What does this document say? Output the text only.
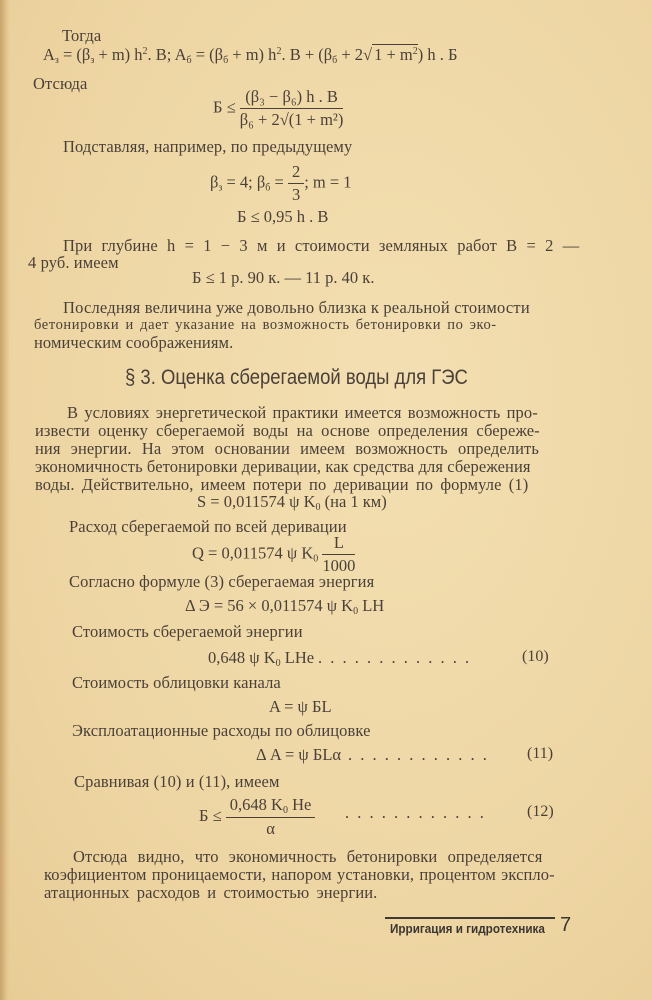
Тогда
$A_з = (\beta_з + m)$ $h^2$. B; $A_б = (\beta_б + m)$ $h^2$. $B + (\beta_б + 2√$ $1 + m^2$) h . Б
Отсюда
$Б \le \frac{\text{(β₃ − β₆) h . B}}{\text{β₆ + 2√(1 + m²)}}$
Подставляя, например, по предыдущему
$\beta_з = 4$; $\beta_б = \frac{2}{3}$ ; m = 1
Б ≤ 0,95 h . B
При глубине h = 1 − 3 м и стоимости земляных работ B = 2 —
4 руб. имеем
Б ≤ 1 р. 90 к. — 11 р. 40 к.
Последняя величина уже довольно близка к реальной стоимости
бетонировки и дает указание на возможность бетонировки по эко-
номическим соображениям.
§ 3. Оценка сберегаемой воды для ГЭС
В условиях энергетической практики имеется возможность про-
извести оценку сберегаемой воды на основе определения сбереже-
ния энергии. На этом основании имеем возможность определить
экономичность бетонировки деривации, как средства для сбережения
воды. Действительно, имеем потери по деривации по формуле (1)
S = 0,011574 ψ $K_0$ (на 1 км)
Расход сберегаемой по всей деривации
Q = 0,011574 ψ $K_0 \frac{L}{1000}$
Согласно формуле (3) сберегаемая энергия
Δ Э = 56 × 0,011574 ψ $K_0$ LH
Стоимость сберегаемой энергии
0,648 ψ $K_0$ LHe . . . . . . . . . . . . .	(10)
Стоимость облицовки канала
A = ψ БL
Эксплоатационные расходы по облицовке
Δ A = ψ БLα . . . . . . . . . . . . (11)
Сравнивая (10) и (11), имеем
$Б \le \frac{0,648 K_0 He}{\alpha}$ . . . . . . . . . . . .	(12)
Отсюда видно, что экономичность бетонировки определяется
коэфициентом проницаемости, напором установки, процентом экспло-
атационных расходов и стоимостью энергии.
Ирригация и гидротехника 7
